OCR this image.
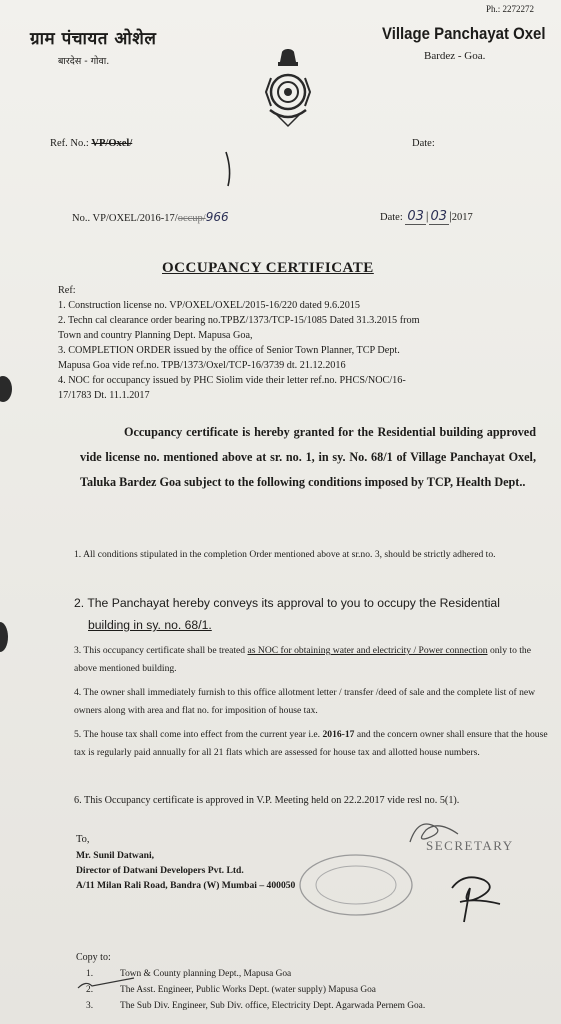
Ph.: 2272272
ग्राम पंचायत ओशेल
बारदेस - गोवा.
Village Panchayat Oxel
Bardez - Goa.
Ref. No.: VP/Oxel/	Date:
No.. VP/OXEL/2016-17/occup/966	Date: 03 | 03 |2017
OCCUPANCY CERTIFICATE
Ref:
1. Construction license no. VP/OXEL/OXEL/2015-16/220 dated 9.6.2015
2. Techn cal clearance order bearing no.TPBZ/1373/TCP-15/1085 Dated 31.3.2015 from
Town and country Planning Dept. Mapusa Goa,
3. COMPLETION ORDER issued by the office of Senior Town Planner, TCP Dept.
Mapusa Goa vide ref.no. TPB/1373/Oxel/TCP-16/3739 dt. 21.12.2016
4. NOC for occupancy issued by PHC Siolim vide their letter ref.no. PHCS/NOC/16-
17/1783 Dt. 11.1.2017
Occupancy certificate is hereby granted for the Residential building approved vide license no. mentioned above at sr. no. 1, in sy. No. 68/1 of Village Panchayat Oxel, Taluka Bardez Goa subject to the following conditions imposed by TCP, Health Dept..
1. All conditions stipulated in the completion Order mentioned above at sr.no. 3, should be strictly adhered to.
2. The Panchayat hereby conveys its approval to you to occupy the Residential
building in sy. no. 68/1.
3. This occupancy certificate shall be treated as NOC for obtaining water and electricity / Power connection only to the above mentioned building.
4. The owner shall immediately furnish to this office allotment letter / transfer /deed of sale and the complete list of new owners along with area and flat no. for imposition of house tax.
5. The house tax shall come into effect from the current year i.e. 2016-17 and the concern owner shall ensure that the house tax is regularly paid annually for all 21 flats which are assessed for house tax and allotted house numbers.
6. This Occupancy certificate is approved in V.P. Meeting held on 22.2.2017 vide resl no. 5(1).
To,
Mr. Sunil Datwani,
Director of Datwani Developers Pvt. Ltd.
A/11 Milan Rali Road, Bandra (W) Mumbai – 400050
SECRETARY
Copy to:
1.	Town & County planning Dept., Mapusa Goa
2.	The Asst. Engineer, Public Works Dept. (water supply) Mapusa Goa
3.	The Sub Div. Engineer, Sub Div. office, Electricity Dept. Agarwada Pernem Goa.
